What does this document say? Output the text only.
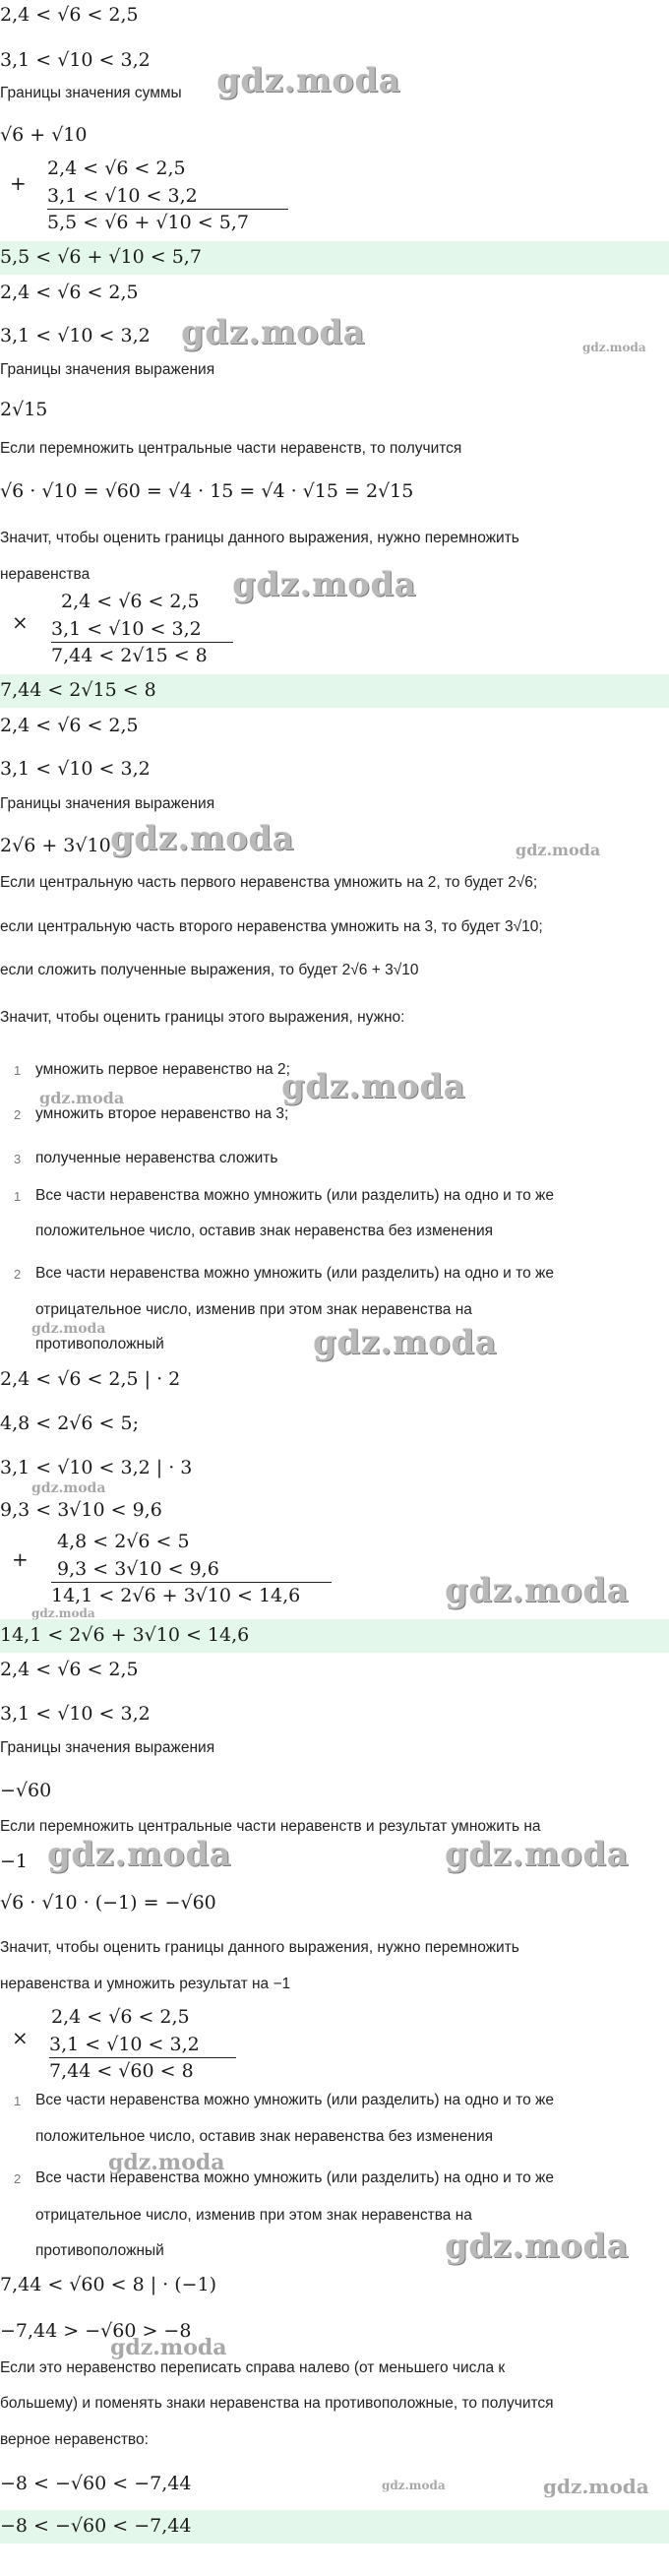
2,4 < √6 < 2,5
3,1 < √10 < 3,2
Границы значения суммы
√6 + √10
+
2,4 < √6 < 2,5
3,1 < √10 < 3,2
5,5 < √6 + √10 < 5,7
5,5 < √6 + √10 < 5,7
2,4 < √6 < 2,5
3,1 < √10 < 3,2
Границы значения выражения
2√15
Если перемножить центральные части неравенств, то получится
√6 · √10 = √60 = √4 · 15 = √4 · √15 = 2√15
Значит, чтобы оценить границы данного выражения, нужно перемножить
неравенства
×
2,4 < √6 < 2,5
3,1 < √10 < 3,2
7,44 < 2√15 < 8
7,44 < 2√15 < 8
2,4 < √6 < 2,5
3,1 < √10 < 3,2
Границы значения выражения
2√6 + 3√10
Если центральную часть первого неравенства умножить на 2, то будет 2√6;
если центральную часть второго неравенства умножить на 3, то будет 3√10;
если сложить полученные выражения, то будет 2√6 + 3√10
Значит, чтобы оценить границы этого выражения, нужно:
1 умножить первое неравенство на 2;
2 умножить второе неравенство на 3;
3 полученные неравенства сложить
1 Все части неравенства можно умножить (или разделить) на одно и то же
положительное число, оставив знак неравенства без изменения
2 Все части неравенства можно умножить (или разделить) на одно и то же
отрицательное число, изменив при этом знак неравенства на
противоположный
2,4 < √6 < 2,5 | · 2
4,8 < 2√6 < 5;
3,1 < √10 < 3,2 | · 3
9,3 < 3√10 < 9,6
+
4,8 < 2√6 < 5
9,3 < 3√10 < 9,6
14,1 < 2√6 + 3√10 < 14,6
14,1 < 2√6 + 3√10 < 14,6
2,4 < √6 < 2,5
3,1 < √10 < 3,2
Границы значения выражения
−√60
Если перемножить центральные части неравенств и результат умножить на
−1
√6 · √10 · (−1) = −√60
Значит, чтобы оценить границы данного выражения, нужно перемножить
неравенства и умножить результат на −1
×
2,4 < √6 < 2,5
3,1 < √10 < 3,2
7,44 < √60 < 8
1 Все части неравенства можно умножить (или разделить) на одно и то же
положительное число, оставив знак неравенства без изменения
2 Все части неравенства можно умножить (или разделить) на одно и то же
отрицательное число, изменив при этом знак неравенства на
противоположный
7,44 < √60 < 8 | · (−1)
−7,44 > −√60 > −8
Если это неравенство переписать справа налево (от меньшего числа к
большему) и поменять знаки неравенства на противоположные, то получится
верное неравенство:
−8 < −√60 < −7,44
−8 < −√60 < −7,44
gdz.moda
gdz.moda	gdz.moda
gdz.moda
gdz.moda	gdz.moda
gdz.moda
gdz.moda
gdz.moda	gdz.moda
gdz.moda
gdz.moda
gdz.moda
gdz.moda	gdz.moda
gdz.moda
gdz.moda
gdz.moda
gdz.moda	gdz.moda
